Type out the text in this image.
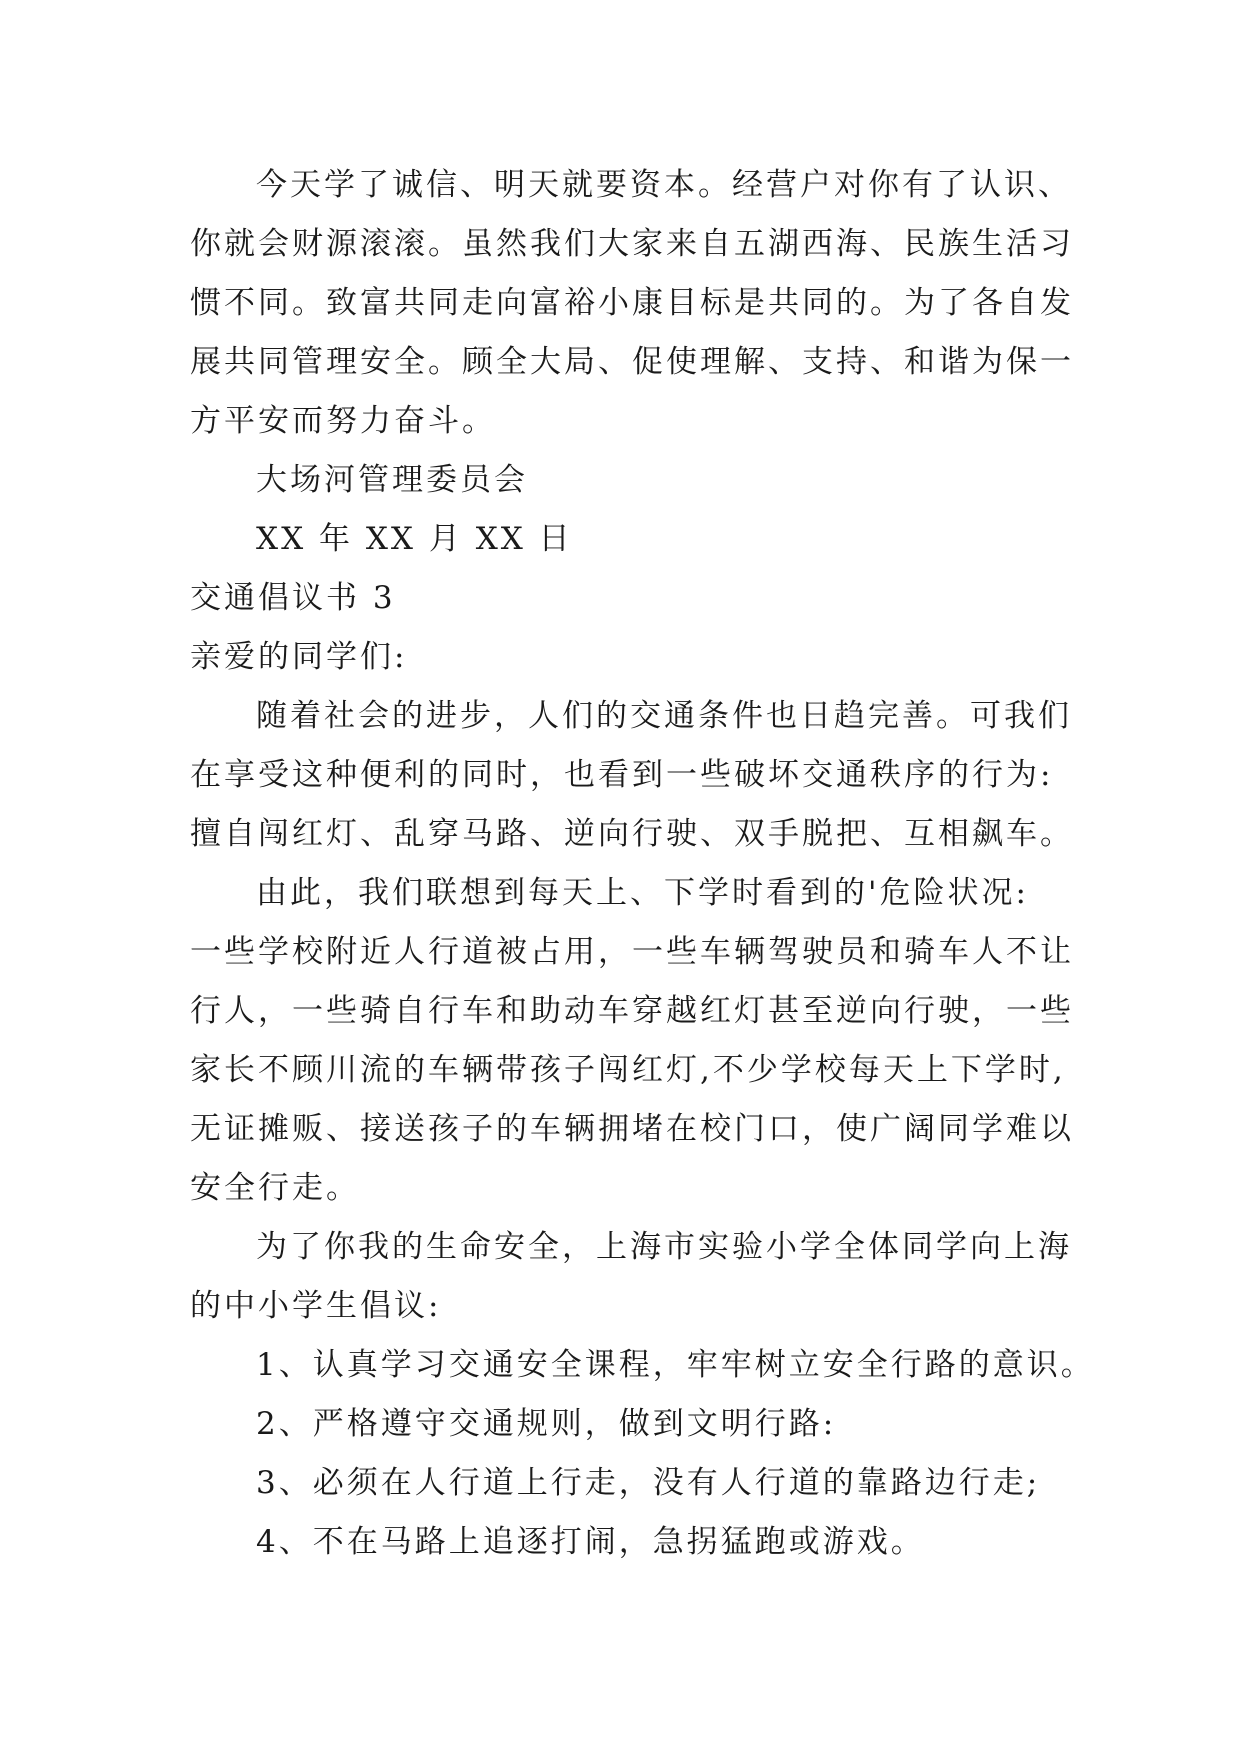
今天学了诚信、明天就要资本。经营户对你有了认识、
你就会财源滚滚。虽然我们大家来自五湖西海、民族生活习
惯不同。致富共同走向富裕小康目标是共同的。为了各自发
展共同管理安全。顾全大局、促使理解、支持、和谐为保一
方平安而努力奋斗。
大场河管理委员会
XX 年 XX 月 XX 日
交通倡议书 3
亲爱的同学们:
随着社会的进步，人们的交通条件也日趋完善。可我们
在享受这种便利的同时，也看到一些破坏交通秩序的行为:
擅自闯红灯、乱穿马路、逆向行驶、双手脱把、互相飙车。
由此，我们联想到每天上、下学时看到的'危险状况:
一些学校附近人行道被占用，一些车辆驾驶员和骑车人不让
行人，一些骑自行车和助动车穿越红灯甚至逆向行驶，一些
家长不顾川流的车辆带孩子闯红灯,不少学校每天上下学时,
无证摊贩、接送孩子的车辆拥堵在校门口，使广阔同学难以
安全行走。
为了你我的生命安全，上海市实验小学全体同学向上海
的中小学生倡议:
1、认真学习交通安全课程，牢牢树立安全行路的意识。
2、严格遵守交通规则，做到文明行路:
3、必须在人行道上行走，没有人行道的靠路边行走;
4、不在马路上追逐打闹，急拐猛跑或游戏。
